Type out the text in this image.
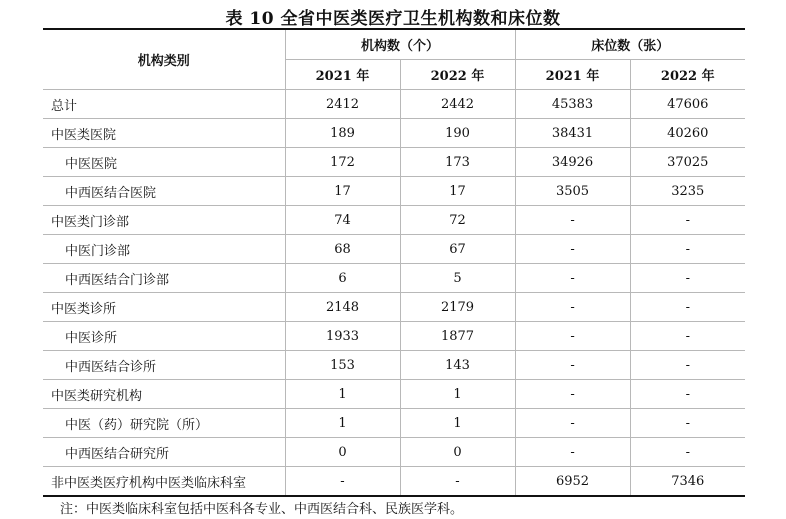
表 10 全省中医类医疗卫生机构数和床位数
机构类别	机构数（个）		床位数（张）	
	2021 年	2022 年	2021 年	2022 年
总计	2412	2442	45383	47606
中医类医院	189	190	38431	40260
中医医院	172	173	34926	37025
中西医结合医院	17	17	3505	3235
中医类门诊部	74	72	-	-
中医门诊部	68	67	-	-
中西医结合门诊部	6	5	-	-
中医类诊所	2148	2179	-	-
中医诊所	1933	1877	-	-
中西医结合诊所	153	143	-	-
中医类研究机构	1	1	-	-
中医（药）研究院（所）	1	1	-	-
中西医结合研究所	0	0	-	-
非中医类医疗机构中医类临床科室	-	-	6952	7346
注：中医类临床科室包括中医科各专业、中西医结合科、民族医学科。
